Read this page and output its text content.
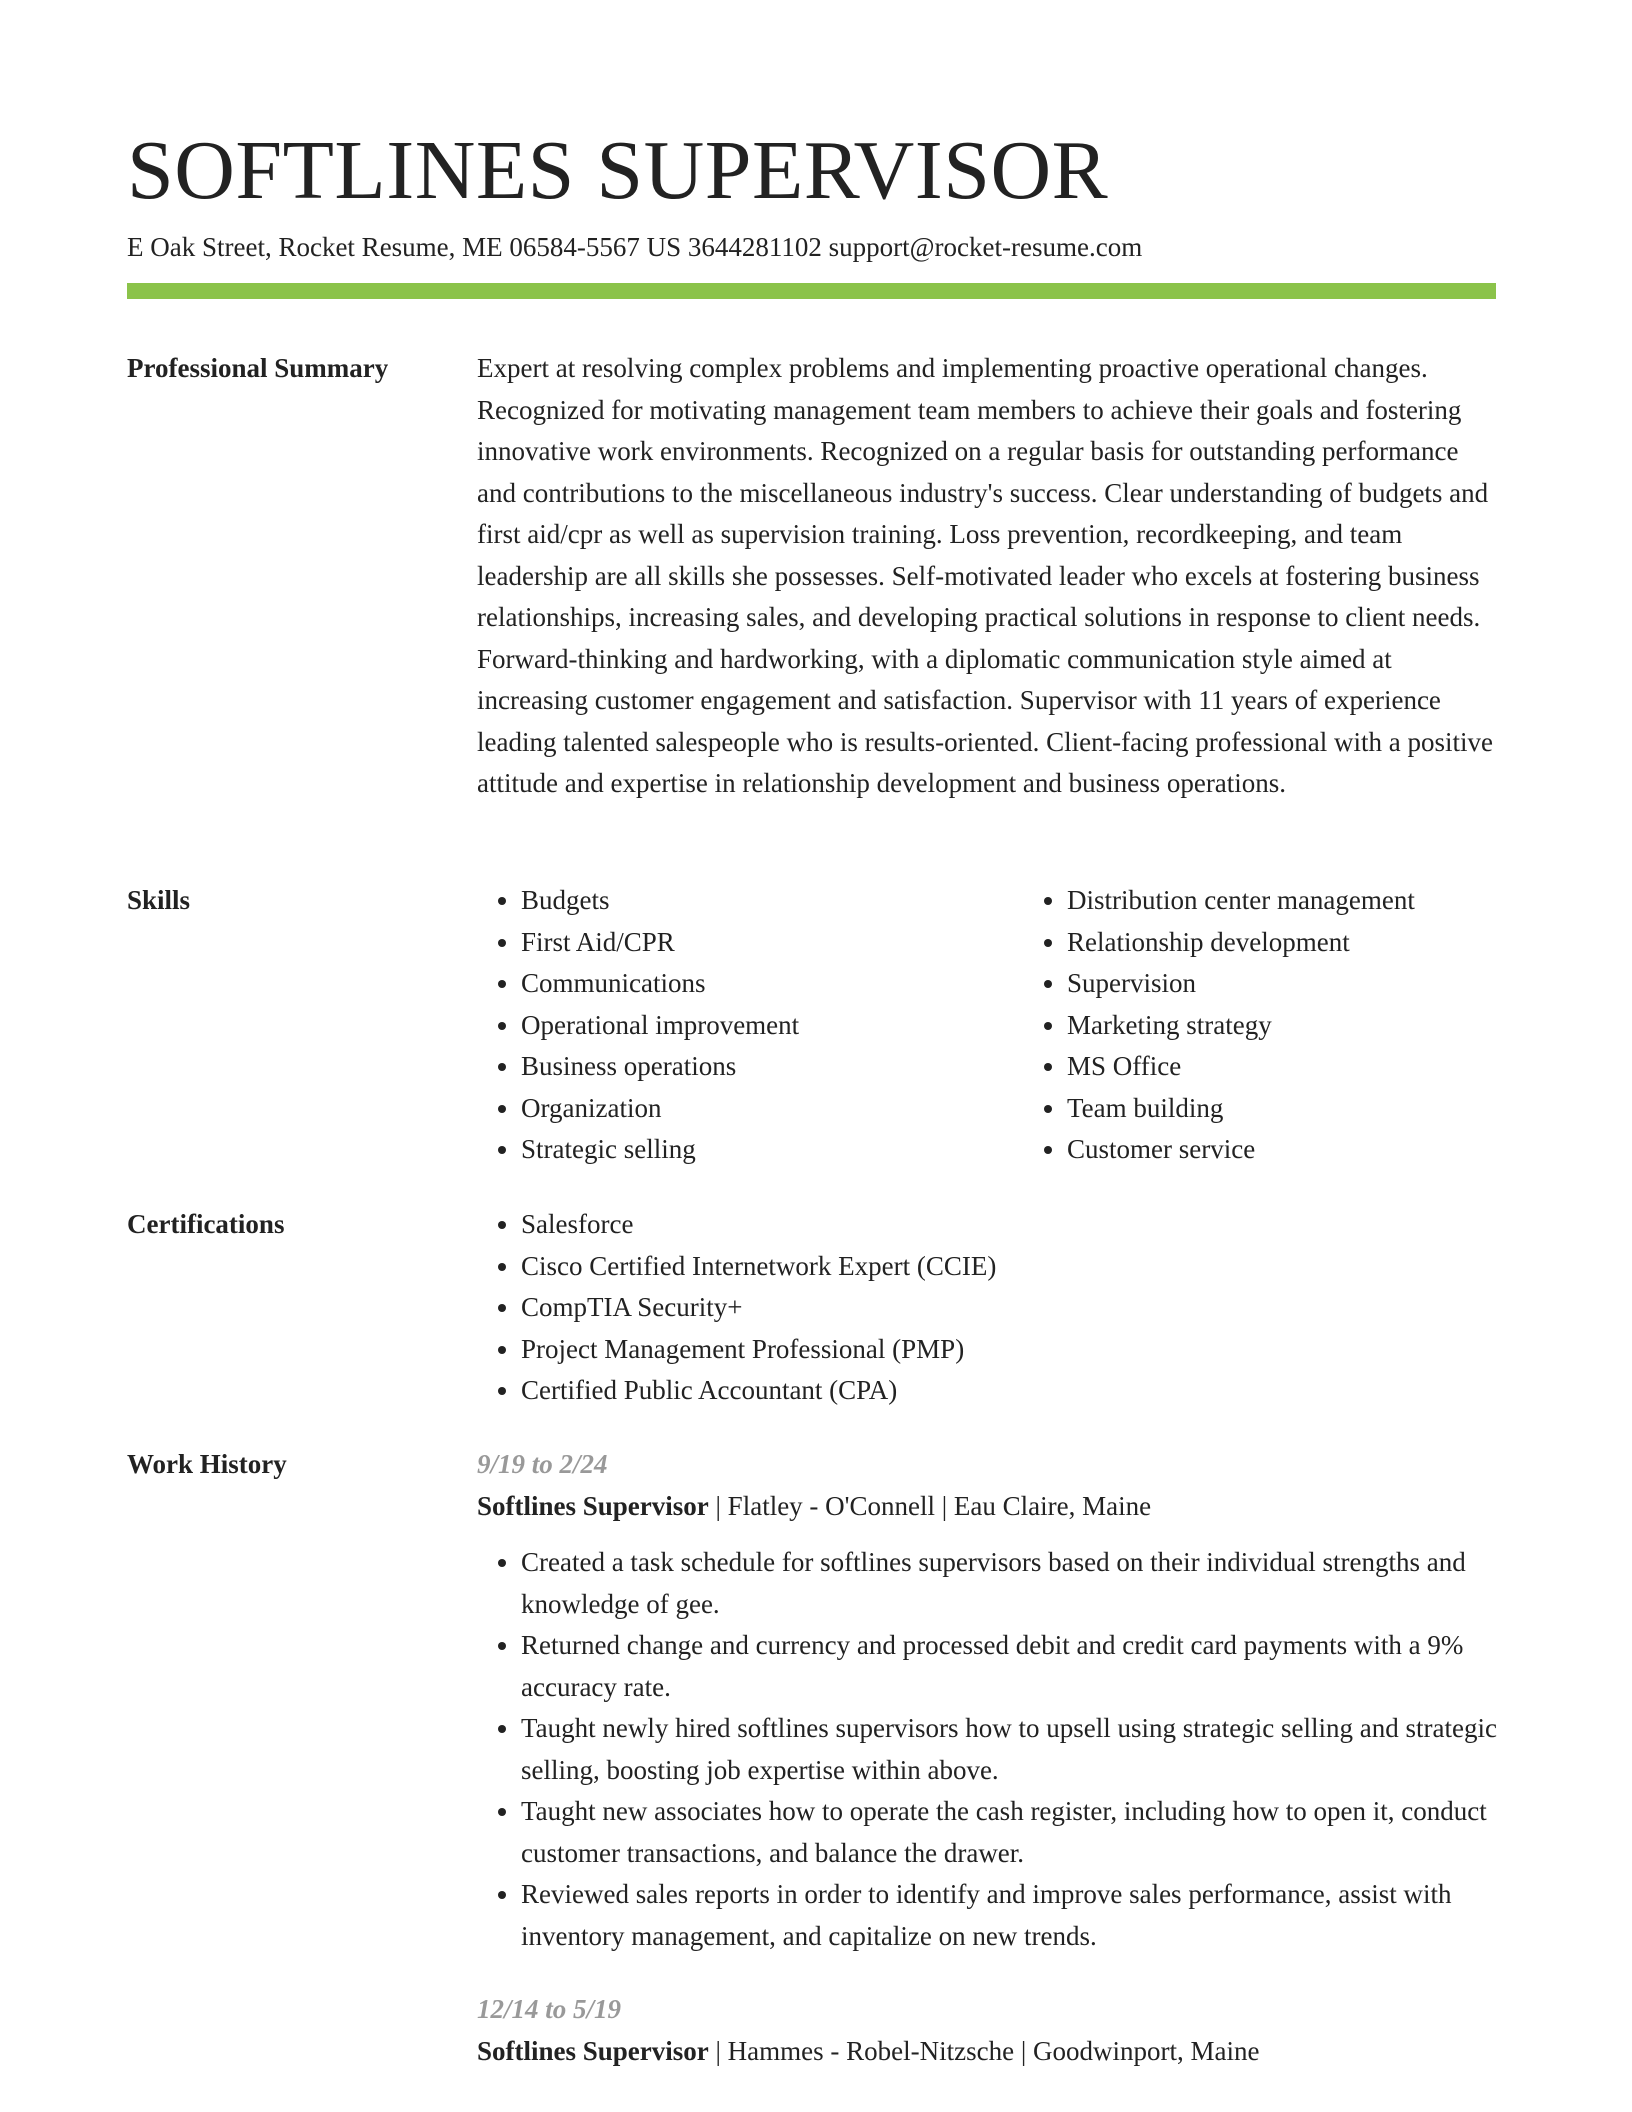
SOFTLINES SUPERVISOR
E Oak Street, Rocket Resume, ME 06584-5567 US 3644281102 support@rocket-resume.com
Professional Summary	Expert at resolving complex problems and implementing proactive operational changes. Recognized for motivating management team members to achieve their goals and fostering innovative work environments. Recognized on a regular basis for outstanding performance and contributions to the miscellaneous industry's success. Clear understanding of budgets and first aid/cpr as well as supervision training. Loss prevention, recordkeeping, and team leadership are all skills she possesses. Self-motivated leader who excels at fostering business relationships, increasing sales, and developing practical solutions in response to client needs. Forward-thinking and hardworking, with a diplomatic communication style aimed at increasing customer engagement and satisfaction. Supervisor with 11 years of experience leading talented salespeople who is results-oriented. Client-facing professional with a positive attitude and expertise in relationship development and business operations.

Skills	• Budgets
• First Aid/CPR
• Communications
• Operational improvement
• Business operations
• Organization
• Strategic selling
• Distribution center management
• Relationship development
• Supervision
• Marketing strategy
• MS Office
• Team building
• Customer service
Certifications	• Salesforce
• Cisco Certified Internetwork Expert (CCIE)
• CompTIA Security+
• Project Management Professional (PMP)
• Certified Public Accountant (CPA)
Work History	9/19 to 2/24
Softlines Supervisor | Flatley - O'Connell | Eau Claire, Maine
• Created a task schedule for softlines supervisors based on their individual strengths and knowledge of gee.
• Returned change and currency and processed debit and credit card payments with a 9% accuracy rate.
• Taught newly hired softlines supervisors how to upsell using strategic selling and strategic selling, boosting job expertise within above.
• Taught new associates how to operate the cash register, including how to open it, conduct customer transactions, and balance the drawer.
• Reviewed sales reports in order to identify and improve sales performance, assist with inventory management, and capitalize on new trends.
12/14 to 5/19
Softlines Supervisor | Hammes - Robel-Nitzsche | Goodwinport, Maine
